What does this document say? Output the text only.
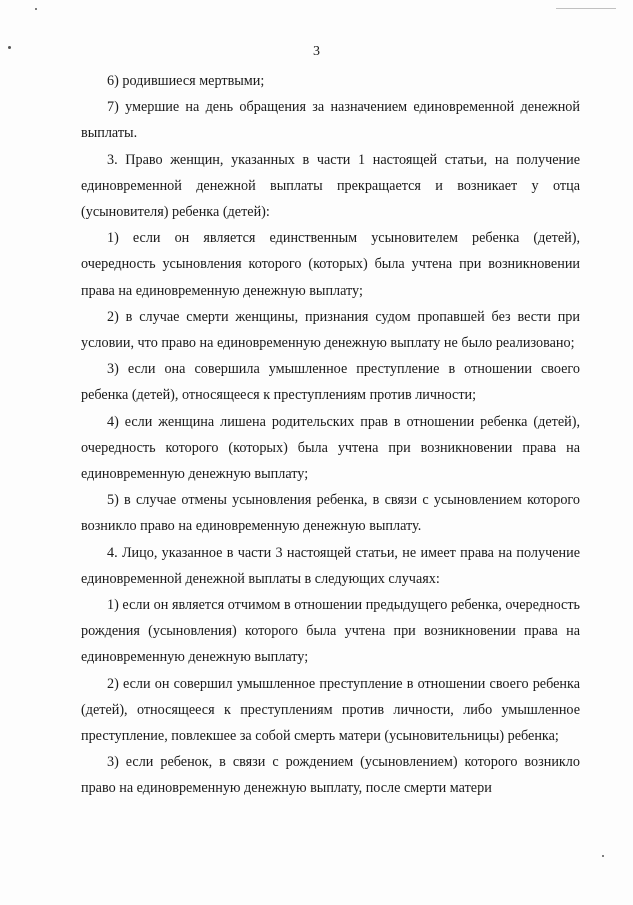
3

6) родившиеся мертвыми;

7) умершие на день обращения за назначением единовременной денежной выплаты.

3. Право женщин, указанных в части 1 настоящей статьи, на получение единовременной денежной выплаты прекращается и возникает у отца (усыновителя) ребенка (детей):

1) если он является единственным усыновителем ребенка (детей), очередность усыновления которого (которых) была учтена при возникновении права на единовременную денежную выплату;

2) в случае смерти женщины, признания судом пропавшей без вести при условии, что право на единовременную денежную выплату не было реализовано;

3) если она совершила умышленное преступление в отношении своего ребенка (детей), относящееся к преступлениям против личности;

4) если женщина лишена родительских прав в отношении ребенка (детей), очередность которого (которых) была учтена при возникновении права на единовременную денежную выплату;

5) в случае отмены усыновления ребенка, в связи с усыновлением которого возникло право на единовременную денежную выплату.

4. Лицо, указанное в части 3 настоящей статьи, не имеет права на получение единовременной денежной выплаты в следующих случаях:

1) если он является отчимом в отношении предыдущего ребенка, очередность рождения (усыновления) которого была учтена при возникновении права на единовременную денежную выплату;

2) если он совершил умышленное преступление в отношении своего ребенка (детей), относящееся к преступлениям против личности, либо умышленное преступление, повлекшее за собой смерть матери (усыновительницы) ребенка;

3) если ребенок, в связи с рождением (усыновлением) которого возникло право на единовременную денежную выплату, после смерти матери
